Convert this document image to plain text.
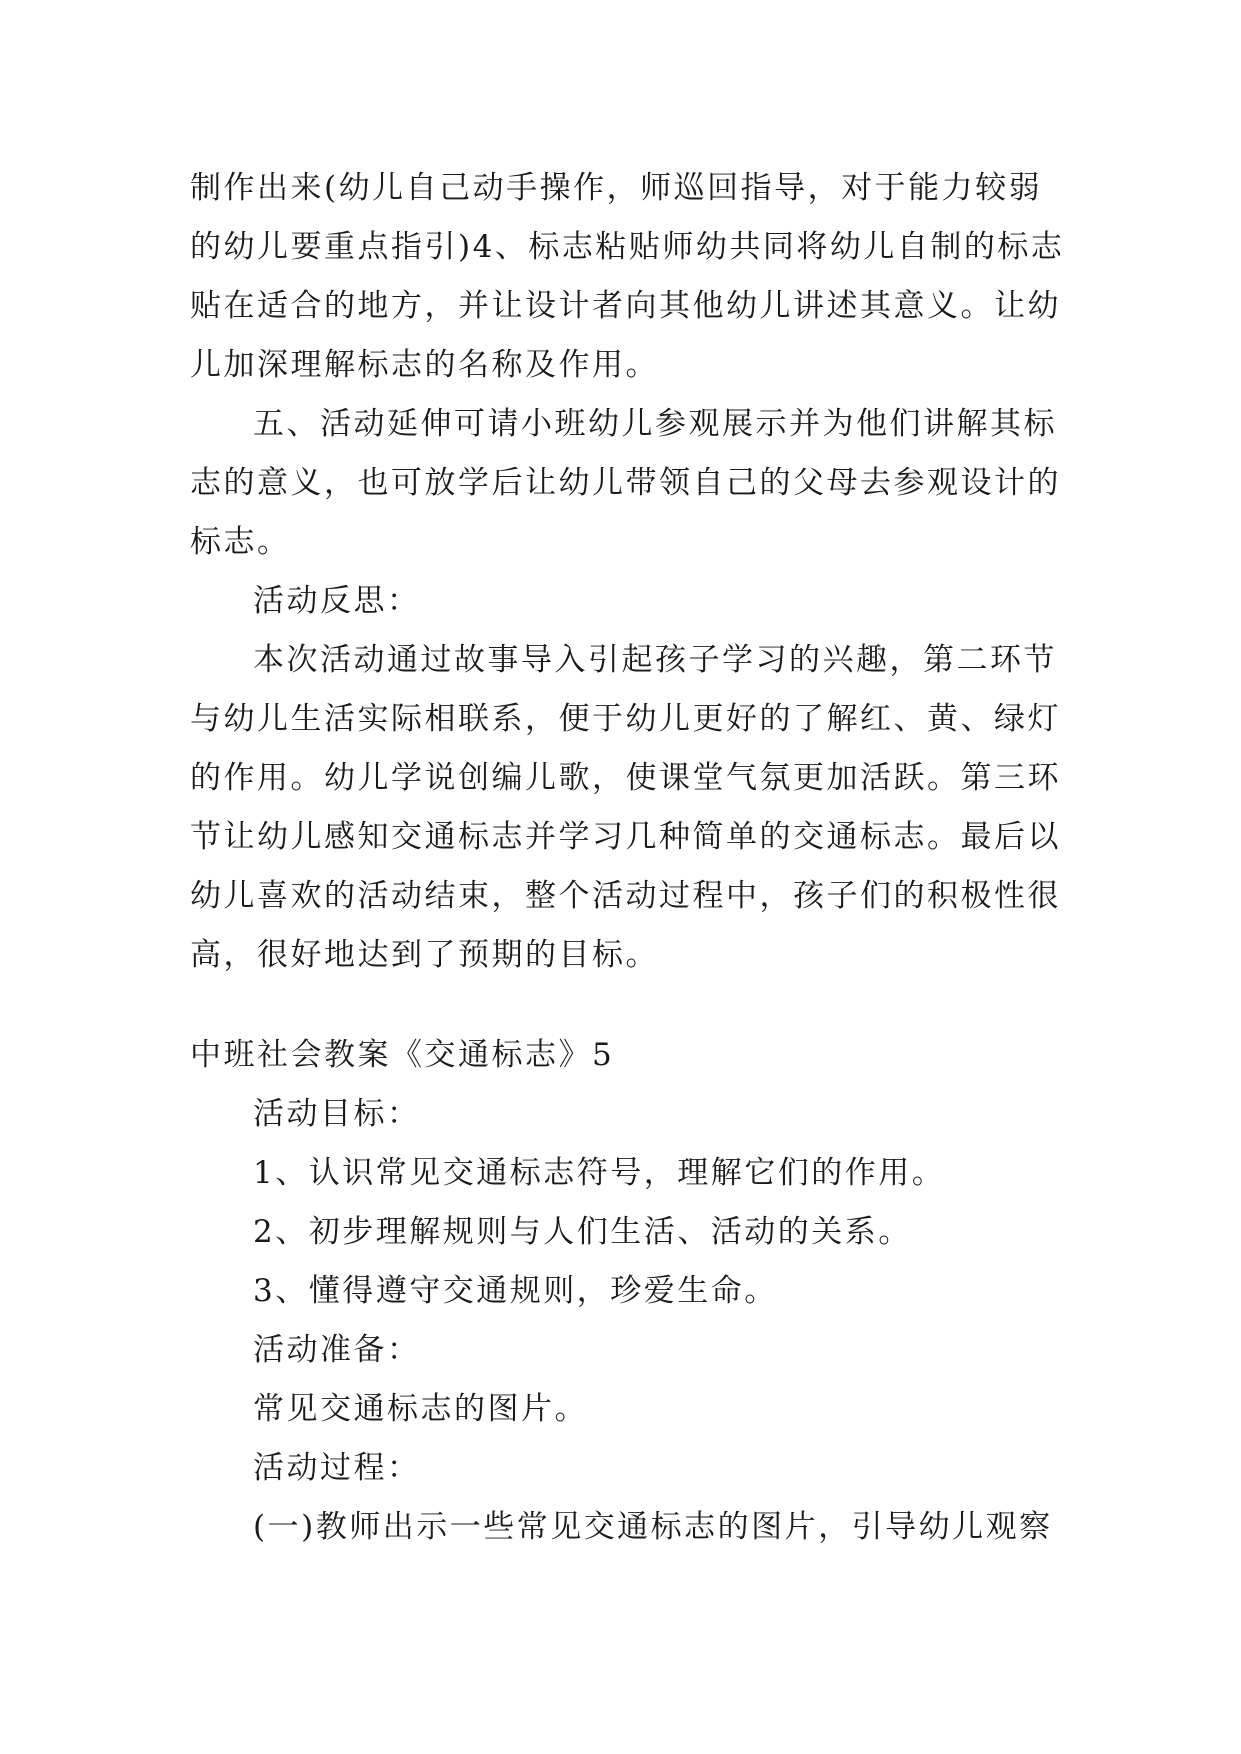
制作出来(幼儿自己动手操作，师巡回指导，对于能力较弱
的幼儿要重点指引)4、标志粘贴师幼共同将幼儿自制的标志
贴在适合的地方，并让设计者向其他幼儿讲述其意义。让幼
儿加深理解标志的名称及作用。
五、活动延伸可请小班幼儿参观展示并为他们讲解其标
志的意义，也可放学后让幼儿带领自己的父母去参观设计的
标志。
活动反思：
本次活动通过故事导入引起孩子学习的兴趣，第二环节
与幼儿生活实际相联系，便于幼儿更好的了解红、黄、绿灯
的作用。幼儿学说创编儿歌，使课堂气氛更加活跃。第三环
节让幼儿感知交通标志并学习几种简单的交通标志。最后以
幼儿喜欢的活动结束，整个活动过程中，孩子们的积极性很
高，很好地达到了预期的目标。
中班社会教案《交通标志》5
活动目标：
1、认识常见交通标志符号，理解它们的作用。
2、初步理解规则与人们生活、活动的关系。
3、懂得遵守交通规则，珍爱生命。
活动准备：
常见交通标志的图片。
活动过程：
(一)教师出示一些常见交通标志的图片，引导幼儿观察
